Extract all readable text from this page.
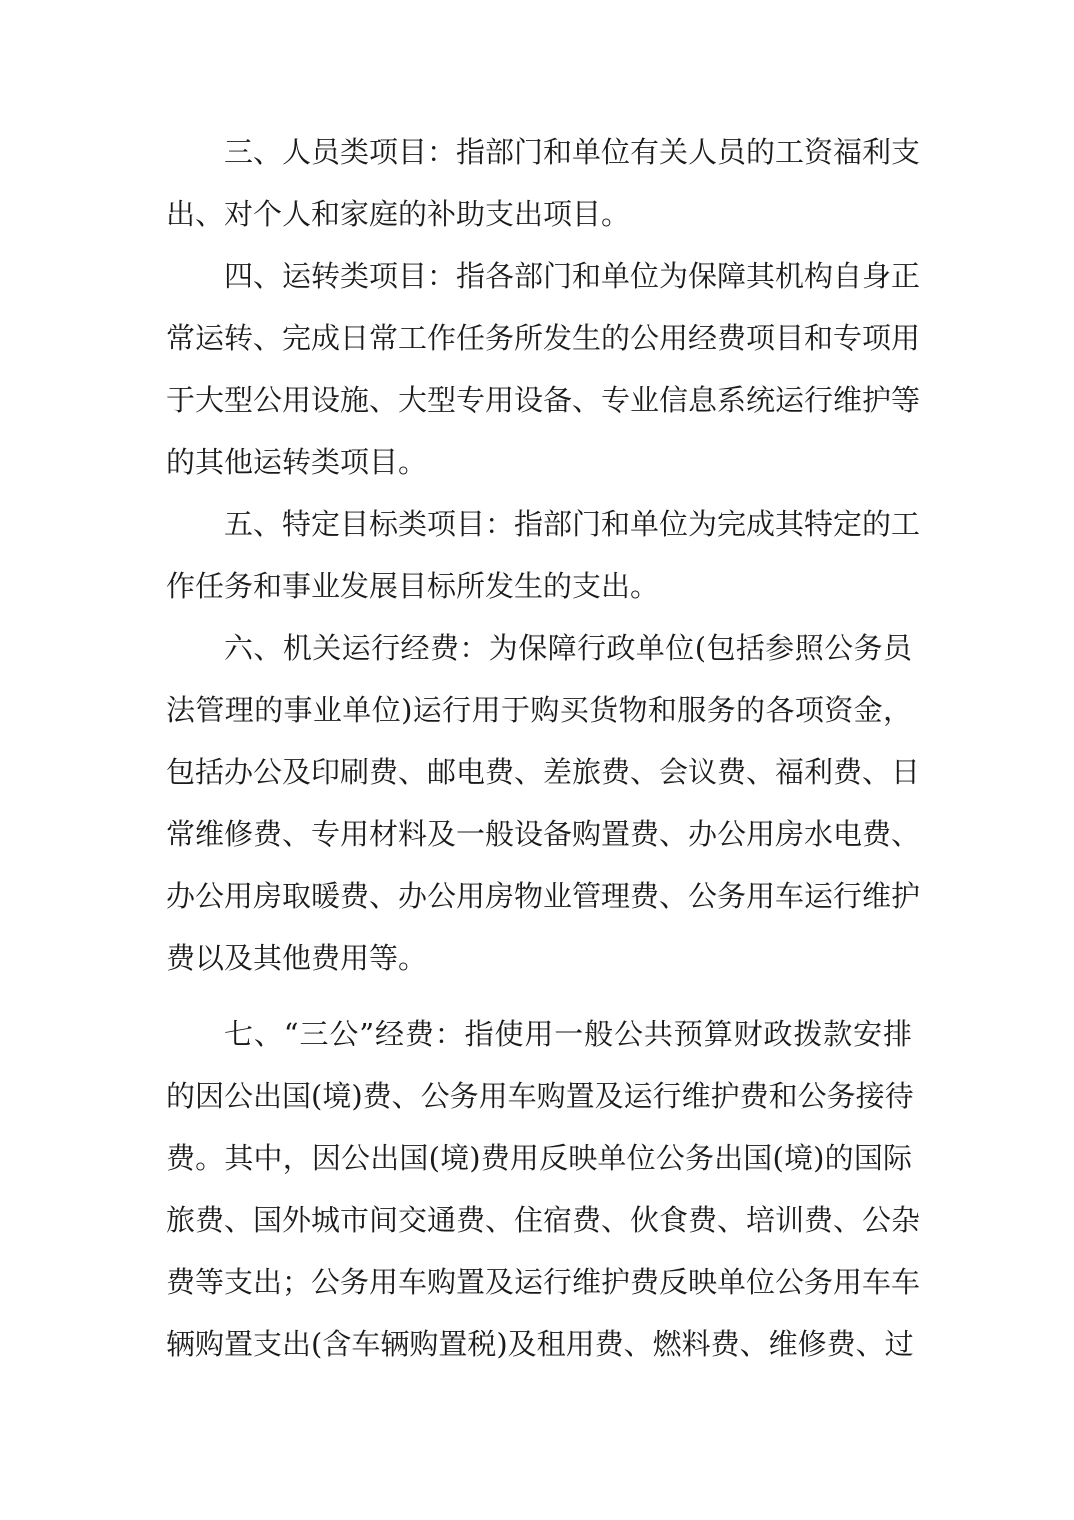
三、人员类项目：指部门和单位有关人员的工资福利支
出、对个人和家庭的补助支出项目。
四、运转类项目：指各部门和单位为保障其机构自身正
常运转、完成日常工作任务所发生的公用经费项目和专项用
于大型公用设施、大型专用设备、专业信息系统运行维护等
的其他运转类项目。
五、特定目标类项目：指部门和单位为完成其特定的工
作任务和事业发展目标所发生的支出。
六、机关运行经费：为保障行政单位(包括参照公务员
法管理的事业单位)运行用于购买货物和服务的各项资金，
包括办公及印刷费、邮电费、差旅费、会议费、福利费、日
常维修费、专用材料及一般设备购置费、办公用房水电费、
办公用房取暖费、办公用房物业管理费、公务用车运行维护
费以及其他费用等。
七、“三公”经费：指使用一般公共预算财政拨款安排
的因公出国(境)费、公务用车购置及运行维护费和公务接待
费。其中，因公出国(境)费用反映单位公务出国(境)的国际
旅费、国外城市间交通费、住宿费、伙食费、培训费、公杂
费等支出；公务用车购置及运行维护费反映单位公务用车车
辆购置支出(含车辆购置税)及租用费、燃料费、维修费、过
